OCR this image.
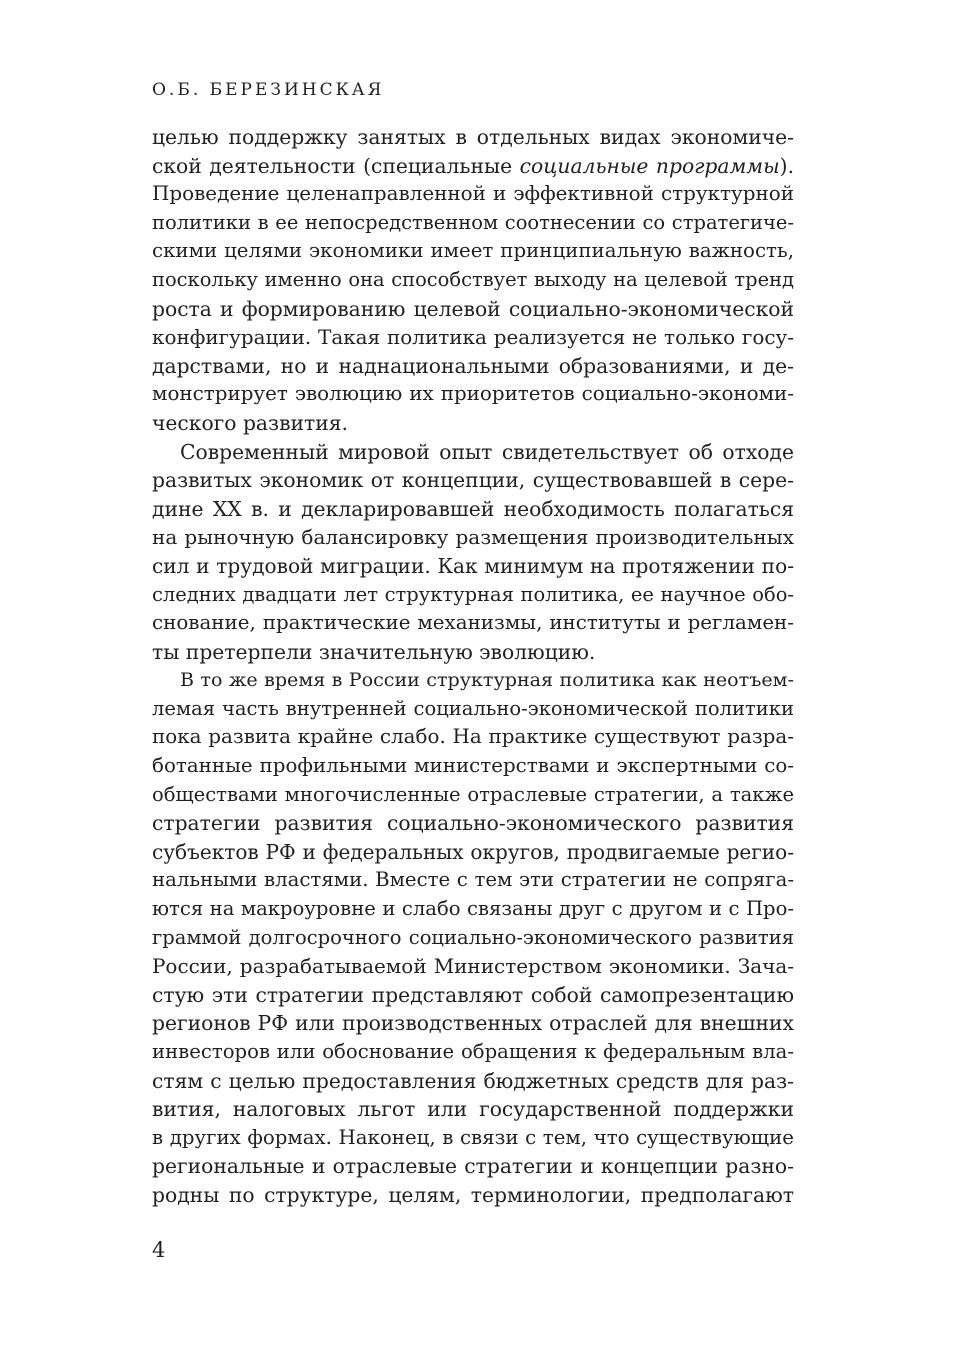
О.Б. БЕРЕЗИНСКАЯ
целью поддержку занятых в отдельных видах экономиче-
ской деятельности (специальные социальные программы).
Проведение целенаправленной и эффективной структурной
политики в ее непосредственном соотнесении со стратегиче-
скими целями экономики имеет принципиальную важность,
поскольку именно она способствует выходу на целевой тренд
роста и формированию целевой социально-экономической
конфигурации. Такая политика реализуется не только госу-
дарствами, но и наднациональными образованиями, и де-
монстрирует эволюцию их приоритетов социально-экономи-
ческого развития.
Современный мировой опыт свидетельствует об отходе
развитых экономик от концепции, существовавшей в сере-
дине XX в. и декларировавшей необходимость полагаться
на рыночную балансировку размещения производительных
сил и трудовой миграции. Как минимум на протяжении по-
следних двадцати лет структурная политика, ее научное обо-
снование, практические механизмы, институты и регламен-
ты претерпели значительную эволюцию.
В то же время в России структурная политика как неотъем-
лемая часть внутренней социально-экономической политики
пока развита крайне слабо. На практике существуют разра-
ботанные профильными министерствами и экспертными со-
обществами многочисленные отраслевые стратегии, а также
стратегии развития социально-экономического развития
субъектов РФ и федеральных округов, продвигаемые регио-
нальными властями. Вместе с тем эти стратегии не сопряга-
ются на макроуровне и слабо связаны друг с другом и с Про-
граммой долгосрочного социально-экономического развития
России, разрабатываемой Министерством экономики. Зача-
стую эти стратегии представляют собой самопрезентацию
регионов РФ или производственных отраслей для внешних
инвесторов или обоснование обращения к федеральным вла-
стям с целью предоставления бюджетных средств для раз-
вития, налоговых льгот или государственной поддержки
в других формах. Наконец, в связи с тем, что существующие
региональные и отраслевые стратегии и концепции разно-
родны по структуре, целям, терминологии, предполагают
4
